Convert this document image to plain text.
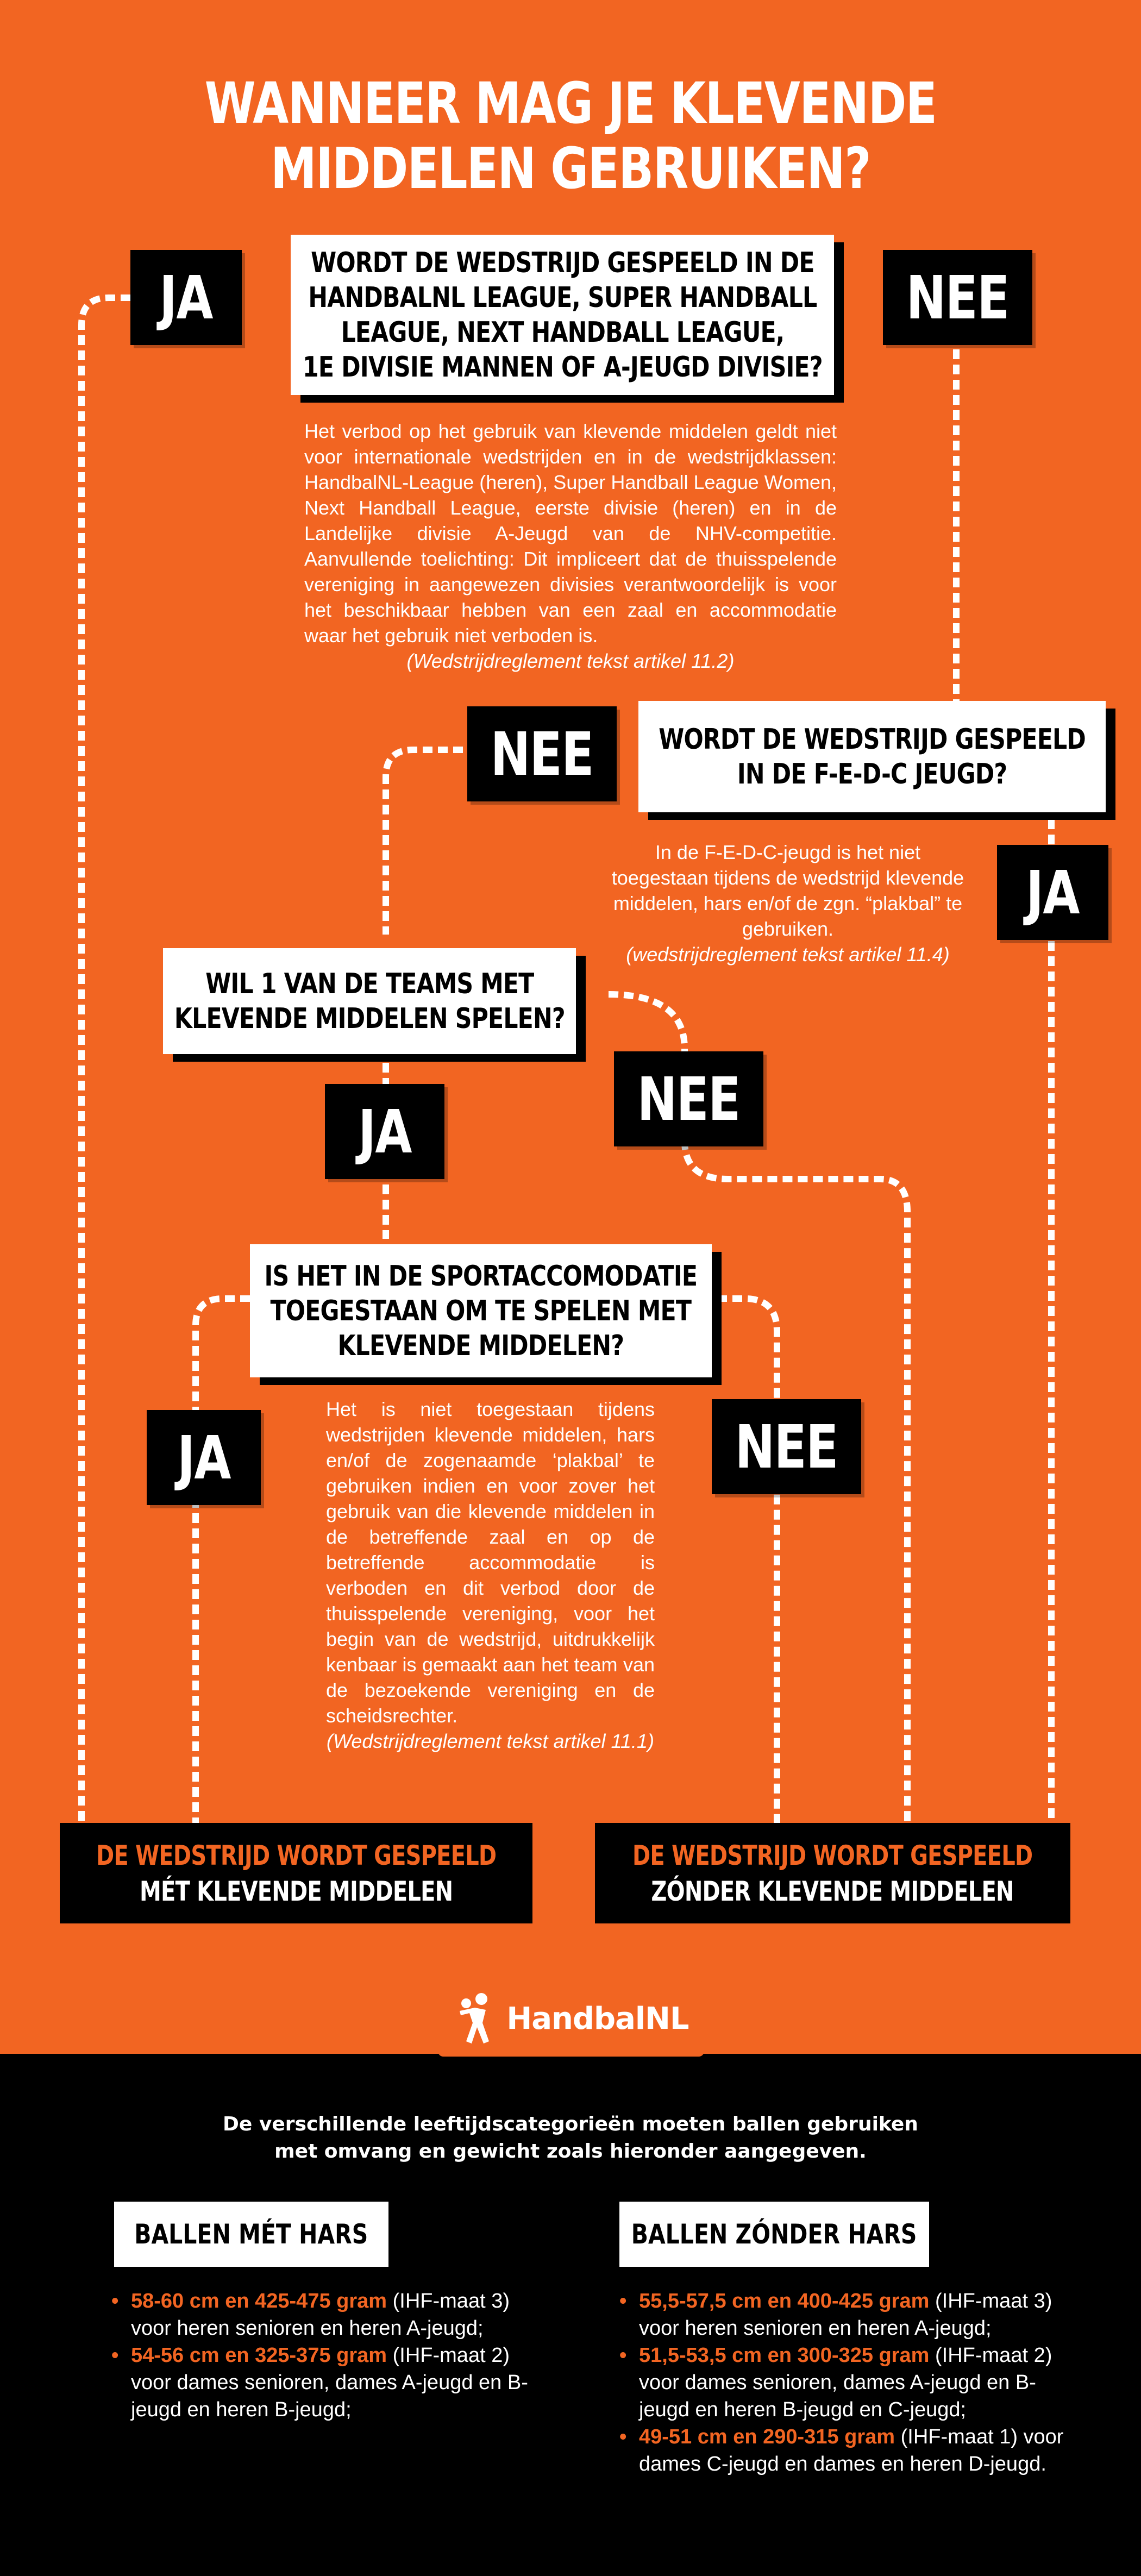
WANNEER MAG JE KLEVENDE
MIDDELEN GEBRUIKEN?
WORDT DE WEDSTRIJD GESPEELD IN DE
HANDBALNL LEAGUE, SUPER HANDBALL
LEAGUE, NEXT HANDBALL LEAGUE,
1E DIVISIE MANNEN OF A-JEUGD DIVISIE?
JA	NEE
Het verbod op het gebruik van klevende middelen geldt niet voor internationale wedstrijden en in de wedstrijdklassen: HandbalNL-League (heren), Super Handball League Women, Next Handball League, eerste divisie (heren) en in de Landelijke divisie A-Jeugd van de NHV-competitie. Aanvullende toelichting: Dit impliceert dat de thuisspelende vereniging in aangewezen divisies verantwoordelijk is voor het beschikbaar hebben van een zaal en accommodatie waar het gebruik niet verboden is.
(Wedstrijdreglement tekst artikel 11.2)
WORDT DE WEDSTRIJD GESPEELD
IN DE F-E-D-C JEUGD?
NEE
JA
In de F-E-D-C-jeugd is het niet toegestaan tijdens de wedstrijd klevende middelen, hars en/of de zgn. “plakbal” te gebruiken.
(wedstrijdreglement tekst artikel 11.4)
WIL 1 VAN DE TEAMS MET
KLEVENDE MIDDELEN SPELEN?
NEE
JA
IS HET IN DE SPORTACCOMODATIE
TOEGESTAAN OM TE SPELEN MET
KLEVENDE MIDDELEN?
JA	NEE
Het is niet toegestaan tijdens wedstrijden klevende middelen, hars en/of de zogenaamde ‘plakbal’ te gebruiken indien en voor zover het gebruik van die klevende middelen in de betreffende zaal en op de betreffende accommodatie is verboden en dit verbod door de thuisspelende vereniging, voor het begin van de wedstrijd, uitdrukkelijk kenbaar is gemaakt aan het team van de bezoekende vereniging en de scheidsrechter.
(Wedstrijdreglement tekst artikel 11.1)
DE WEDSTRIJD WORDT GESPEELD
MÉT KLEVENDE MIDDELEN
DE WEDSTRIJD WORDT GESPEELD
ZÓNDER KLEVENDE MIDDELEN
HandbalNL
De verschillende leeftijdscategorieën moeten ballen gebruiken
met omvang en gewicht zoals hieronder aangegeven.
BALLEN MÉT HARS
• 58-60 cm en 425-475 gram (IHF-maat 3) voor heren senioren en heren A-jeugd;
• 54-56 cm en 325-375 gram (IHF-maat 2) voor dames senioren, dames A-jeugd en B-jeugd en heren B-jeugd;
BALLEN ZÓNDER HARS
• 55,5-57,5 cm en 400-425 gram (IHF-maat 3) voor heren senioren en heren A-jeugd;
• 51,5-53,5 cm en 300-325 gram (IHF-maat 2) voor dames senioren, dames A-jeugd en B-jeugd en heren B-jeugd en C-jeugd;
• 49-51 cm en 290-315 gram (IHF-maat 1) voor dames C-jeugd en dames en heren D-jeugd.
